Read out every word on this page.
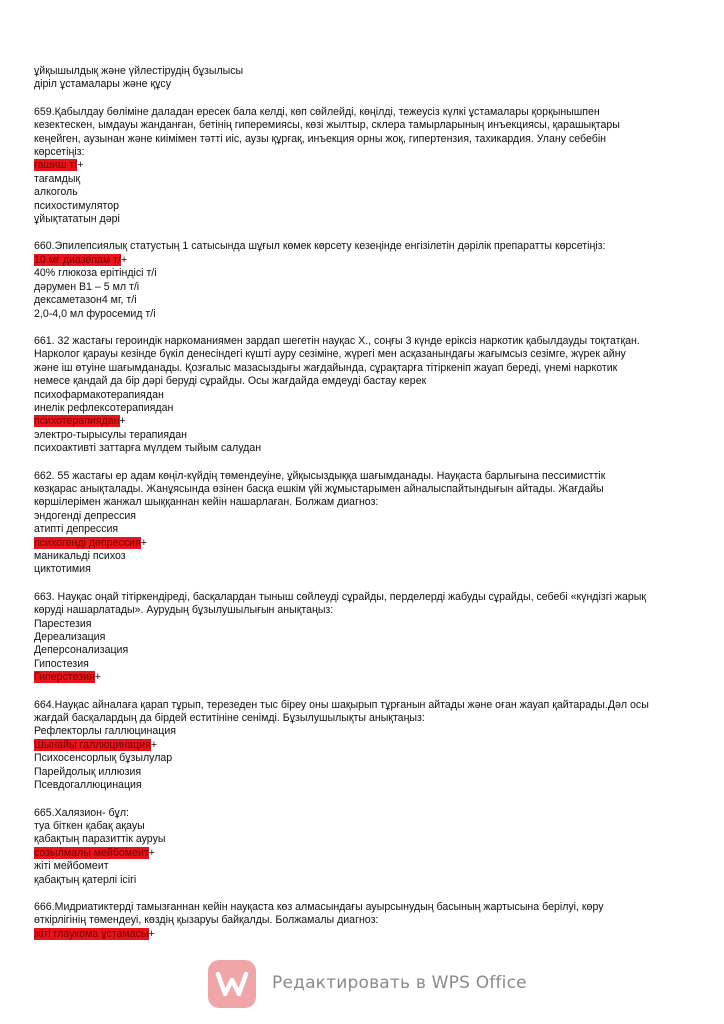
ұйқышылдық және үйлестірудің бұзылысы
діріл ұстамалары және құсу
659.Қабылдау бөліміне даладан ересек бала келді, көп сөйлейді, көңілді, тежеусіз күлкі ұстамалары қорқынышпен
кезектескен, ымдауы жанданған, бетінің гиперемиясы, көзі жылтыр, склера тамырларының инъекциясы, қарашықтары
кеңейген, аузынан және киімімен тәтті иіс, аузы құрғақ, инъекция орны жоқ, гипертензия, тахикардия. Улану себебін
көрсетіңіз:
гашиш т/+
тағамдық
алкоголь
психостимулятор
ұйықтататын дәрі
660.Эпилепсиялық статустың 1 сатысында шұғыл көмек көрсету кезеңінде енгізілетін дәрілік препаратты көрсетіңіз:
10 мг диазепам т/+
40% глюкоза ерітіндісі т/і
дәрумен В1 – 5 мл т/і
дексаметазон4 мг, т/і
2,0-4,0 мл фуросемид т/і
661. 32 жастағы героиндік наркоманиямен зардап шегетін науқас Х., соңғы 3 күнде еріксіз наркотик қабылдауды тоқтатқан.
Нарколог қарауы кезінде бүкіл денесіндегі күшті ауру сезіміне, жүрегі мен асқазанындағы жағымсыз сезімге, жүрек айну
және іш өтуіне шағымданады. Қозғалыс мазасыздығы жағдайында, сұрақтарға тітіркеніп жауап береді, үнемі наркотик
немесе қандай да бір дәрі беруді сұрайды. Осы жағдайда емдеуді бастау керек
психофармакотерапиядан
инелік рефлексотерапиядан
психотерапиядан+
электро-тырысулы терапиядан
психоактивті заттарға мүлдем тыйым салудан
662. 55 жастағы ер адам көңіл-күйдің төмендеуіне, ұйқысыздыққа шағымданады. Науқаста барлығына пессимисттік
көзқарас анықталады. Жанұясында өзінен басқа ешкім үйі жұмыстарымен айналыспайтындығын айтады. Жағдайы
көршілерімен жанжал шыққаннан кейін нашарлаған. Болжам диагноз:
эндогенді депрессия
атипті депрессия
психогенді депрессия+
маникальді психоз
циктотимия
663. Науқас оңай тітіркендіреді, басқалардан тыныш сөйлеуді сұрайды, перделерді жабуды сұрайды, себебі «күндізгі жарық
көруді нашарлатады». Аурудың бұзылушылығын анықтаңыз:
Парестезия
Дереализация
Деперсонализация
Гипостезия
Гиперстезия+
664.Науқас айналаға қарап тұрып, терезеден тыс біреу оны шақырып тұрғанын айтады және оған жауап қайтарады.Дәл осы
жағдай басқалардың да бірдей еститініне сенімді. Бұзылушылықты анықтаңыз:
Рефлекторлы галлюцинация
Шынайы галлюцинация+
Психосенсорлық бұзылулар
Парейдолық иллюзия
Псевдогаллюцинация
665.Халязион- бұл:
туа біткен қабақ ақауы
қабақтың паразиттік ауруы
созылмалы мейбомеит+
жіті мейбомеит
қабақтың қатерлі ісігі
666.Мидриатиктерді тамызғаннан кейін науқаста көз алмасындағы ауырсынудың басының жартысына берілуі, көру
өткірлігінің төмендеуі, көздің қызаруы байқалды. Болжамалы диагноз:
жіті глаукома ұстамасы+
Редактировать в WPS Office
